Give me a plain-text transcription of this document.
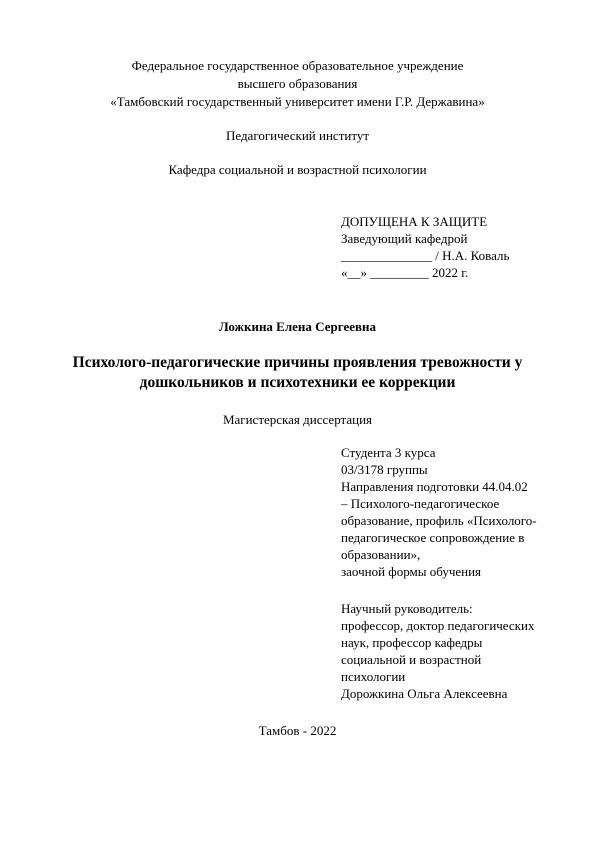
Федеральное государственное образовательное учреждение
высшего образования
«Тамбовский государственный университет имени Г.Р. Державина»
Педагогический институт
Кафедра социальной и возрастной психологии
ДОПУЩЕНА К ЗАЩИТЕ
Заведующий кафедрой
______________ / Н.А. Коваль
«__» _________ 2022 г.
Ложкина Елена Сергеевна
Психолого-педагогические причины проявления тревожности у
дошкольников и психотехники ее коррекции
Магистерская диссертация
Студента 3 курса
03/3178 группы
Направления подготовки 44.04.02
– Психолого-педагогическое
образование, профиль «Психолого-
педагогическое сопровождение в
образовании»,
заочной формы обучения
Научный руководитель:
профессор, доктор педагогических
наук, профессор кафедры
социальной и возрастной
психологии
Дорожкина Ольга Алексеевна
Тамбов - 2022
